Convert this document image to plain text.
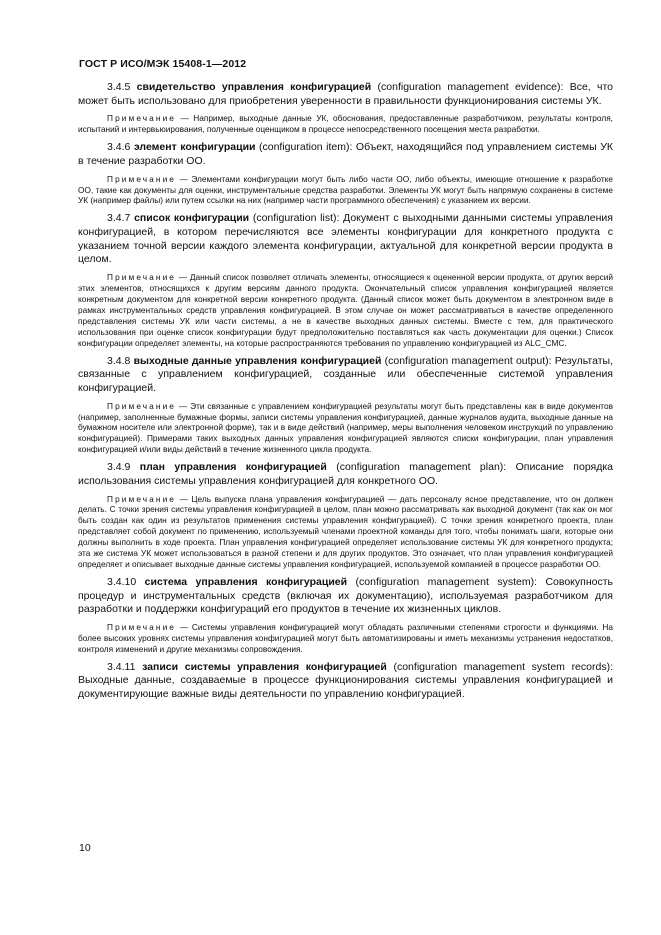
ГОСТ Р ИСО/МЭК 15408-1—2012

3.4.5 свидетельство управления конфигурацией (configuration management evidence): Все, что может быть использовано для приобретения уверенности в правильности функционирования системы УК.

Примечание — Например, выходные данные УК, обоснования, предоставленные разработчиком, результаты контроля, испытаний и интервьюирования, полученные оценщиком в процессе непосредственного посещения места разработки.

3.4.6 элемент конфигурации (configuration item): Объект, находящийся под управлением системы УК в течение разработки ОО.

Примечание — Элементами конфигурации могут быть либо части ОО, либо объекты, имеющие отношение к разработке ОО, такие как документы для оценки, инструментальные средства разработки. Элементы УК могут быть напрямую сохранены в системе УК (например файлы) или путем ссылки на них (например части программного обеспечения) с указанием их версии.

3.4.7 список конфигурации (configuration list): Документ с выходными данными системы управления конфигурацией, в котором перечисляются все элементы конфигурации для конкретного продукта с указанием точной версии каждого элемента конфигурации, актуальной для конкретной версии продукта в целом.

Примечание — Данный список позволяет отличать элементы, относящиеся к оцененной версии продукта, от других версий этих элементов, относящихся к другим версиям данного продукта. Окончательный список управления конфигурацией является конкретным документом для конкретной версии конкретного продукта. (Данный список может быть документом в электронном виде в рамках инструментальных средств управления конфигурацией. В этом случае он может рассматриваться в качестве определенного представления системы УК или части системы, а не в качестве выходных данных системы. Вместе с тем, для практического использования при оценке список конфигурации будут предположительно поставляться как часть документации для оценки.) Список конфигурации определяет элементы, на которые распространяются требования по управлению конфигурацией из ALC_CMC.

3.4.8 выходные данные управления конфигурацией (configuration management output): Результаты, связанные с управлением конфигурацией, созданные или обеспеченные системой управления конфигурацией.

Примечание — Эти связанные с управлением конфигурацией результаты могут быть представлены как в виде документов (например, заполненные бумажные формы, записи системы управления конфигурацией, данные журналов аудита, выходные данные на бумажном носителе или электронной форме), так и в виде действий (например, меры выполнения человеком инструкций по управлению конфигурацией). Примерами таких выходных данных управления конфигурацией являются списки конфигурации, план управления конфигурацией и/или виды действий в течение жизненного цикла продукта.

3.4.9 план управления конфигурацией (configuration management plan): Описание порядка использования системы управления конфигурацией для конкретного ОО.

Примечание — Цель выпуска плана управления конфигурацией — дать персоналу ясное представление, что он должен делать. С точки зрения системы управления конфигурацией в целом, план можно рассматривать как выходной документ (так как он мог быть создан как один из результатов применения системы управления конфигурацией). С точки зрения конкретного проекта, план представляет собой документ по применению, используемый членами проектной команды для того, чтобы понимать шаги, которые они должны выполнить в ходе проекта. План управления конфигурацией определяет использование системы УК для конкретного продукта; эта же система УК может использоваться в разной степени и для других продуктов. Это означает, что план управления конфигурацией определяет и описывает выходные данные системы управления конфигурацией, используемой компанией в процессе разработки ОО.

3.4.10 система управления конфигурацией (configuration management system): Совокупность процедур и инструментальных средств (включая их документацию), используемая разработчиком для разработки и поддержки конфигураций его продуктов в течение их жизненных циклов.

Примечание — Системы управления конфигурацией могут обладать различными степенями строгости и функциями. На более высоких уровнях системы управления конфигурацией могут быть автоматизированы и иметь механизмы устранения недостатков, контроля изменений и другие механизмы сопровождения.

3.4.11 записи системы управления конфигурацией (configuration management system records): Выходные данные, создаваемые в процессе функционирования системы управления конфигурацией и документирующие важные виды деятельности по управлению конфигурацией.

10
